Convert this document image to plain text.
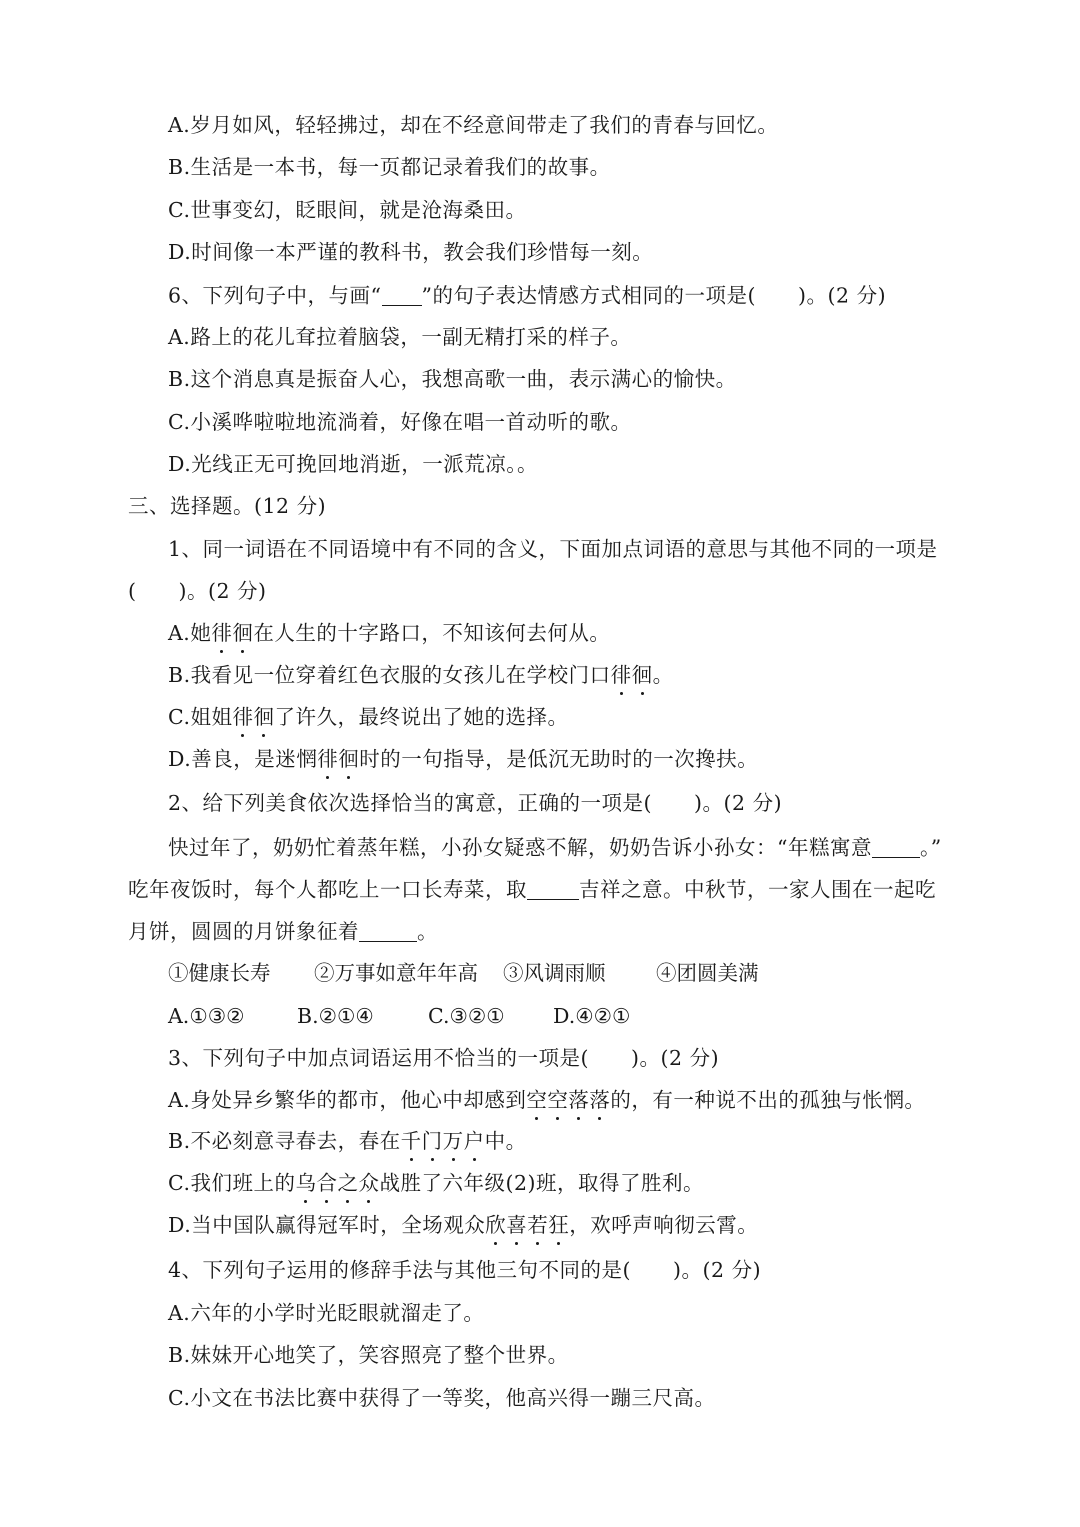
A.岁月如风，轻轻拂过，却在不经意间带走了我们的青春与回忆。
B.生活是一本书，每一页都记录着我们的故事。
C.世事变幻，眨眼间，就是沧海桑田。
D.时间像一本严谨的教科书，教会我们珍惜每一刻。
6、下列句子中，与画“ ”的句子表达情感方式相同的一项是(　　)。(2 分)
A.路上的花儿耷拉着脑袋，一副无精打采的样子。
B.这个消息真是振奋人心，我想高歌一曲，表示满心的愉快。
C.小溪哗啦啦地流淌着，好像在唱一首动听的歌。
D.光线正无可挽回地消逝，一派荒凉。。
三、选择题。(12 分)
1、同一词语在不同语境中有不同的含义，下面加点词语的意思与其他不同的一项是
(　　)。(2 分)
A.她徘徊在人生的十字路口，不知该何去何从。
B.我看见一位穿着红色衣服的女孩儿在学校门口徘徊。
C.姐姐徘徊了许久，最终说出了她的选择。
D.善良，是迷惘徘徊时的一句指导，是低沉无助时的一次搀扶。
2、给下列美食依次选择恰当的寓意，正确的一项是(　　)。(2 分)
快过年了，奶奶忙着蒸年糕，小孙女疑惑不解，奶奶告诉小孙女：“年糕寓意 。”
吃年夜饭时，每个人都吃上一口长寿菜，取	吉祥之意。中秋节，一家人围在一起吃
月饼，圆圆的月饼象征着	。
①健康长寿 ②万事如意年年高 ③风调雨顺 ④团圆美满
A.①③②	B.②①④	C.③②① D.④②①
3、下列句子中加点词语运用不恰当的一项是(　　)。(2 分)
A.身处异乡繁华的都市，他心中却感到空空落落的，有一种说不出的孤独与怅惘。
B.不必刻意寻春去，春在千门万户中。
C.我们班上的乌合之众战胜了六年级(2)班，取得了胜利。
D.当中国队赢得冠军时，全场观众欣喜若狂，欢呼声响彻云霄。
4、下列句子运用的修辞手法与其他三句不同的是(　　)。(2 分)
A.六年的小学时光眨眼就溜走了。
B.妹妹开心地笑了，笑容照亮了整个世界。
C.小文在书法比赛中获得了一等奖，他高兴得一蹦三尺高。
